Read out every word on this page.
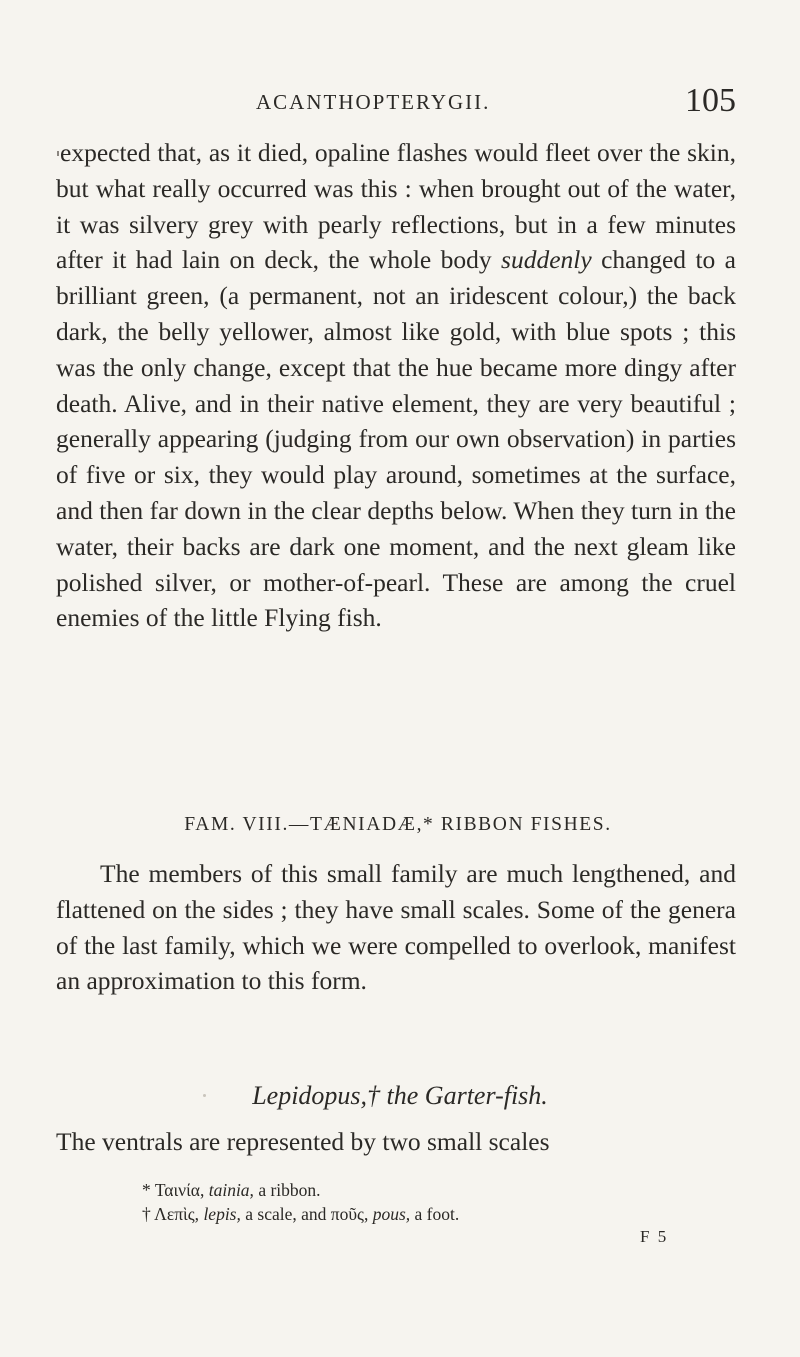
ACANTHOPTERYGII.	105

expected that, as it died, opaline flashes would fleet over the skin, but what really occurred was this : when brought out of the water, it was silvery grey with pearly reflections, but in a few minutes after it had lain on deck, the whole body suddenly changed to a brilliant green, (a permanent, not an iridescent colour,) the back dark, the belly yellower, almost like gold, with blue spots ; this was the only change, except that the hue became more dingy after death. Alive, and in their native element, they are very beautiful ; generally appearing (judging from our own observation) in parties of five or six, they would play around, sometimes at the surface, and then far down in the clear depths below. When they turn in the water, their backs are dark one moment, and the next gleam like polished silver, or mother-of-pearl. These are among the cruel enemies of the little Flying fish.

FAM. VIII.—TÆNIADÆ,* RIBBON FISHES.

The members of this small family are much lengthened, and flattened on the sides ; they have small scales. Some of the genera of the last family, which we were compelled to overlook, manifest an approximation to this form.

Lepidopus,† the Garter-fish.

The ventrals are represented by two small scales

* Ταινία, tainia, a ribbon.

† Λεπὶς, lepis, a scale, and πoῦς, pous, a foot.

F 5
